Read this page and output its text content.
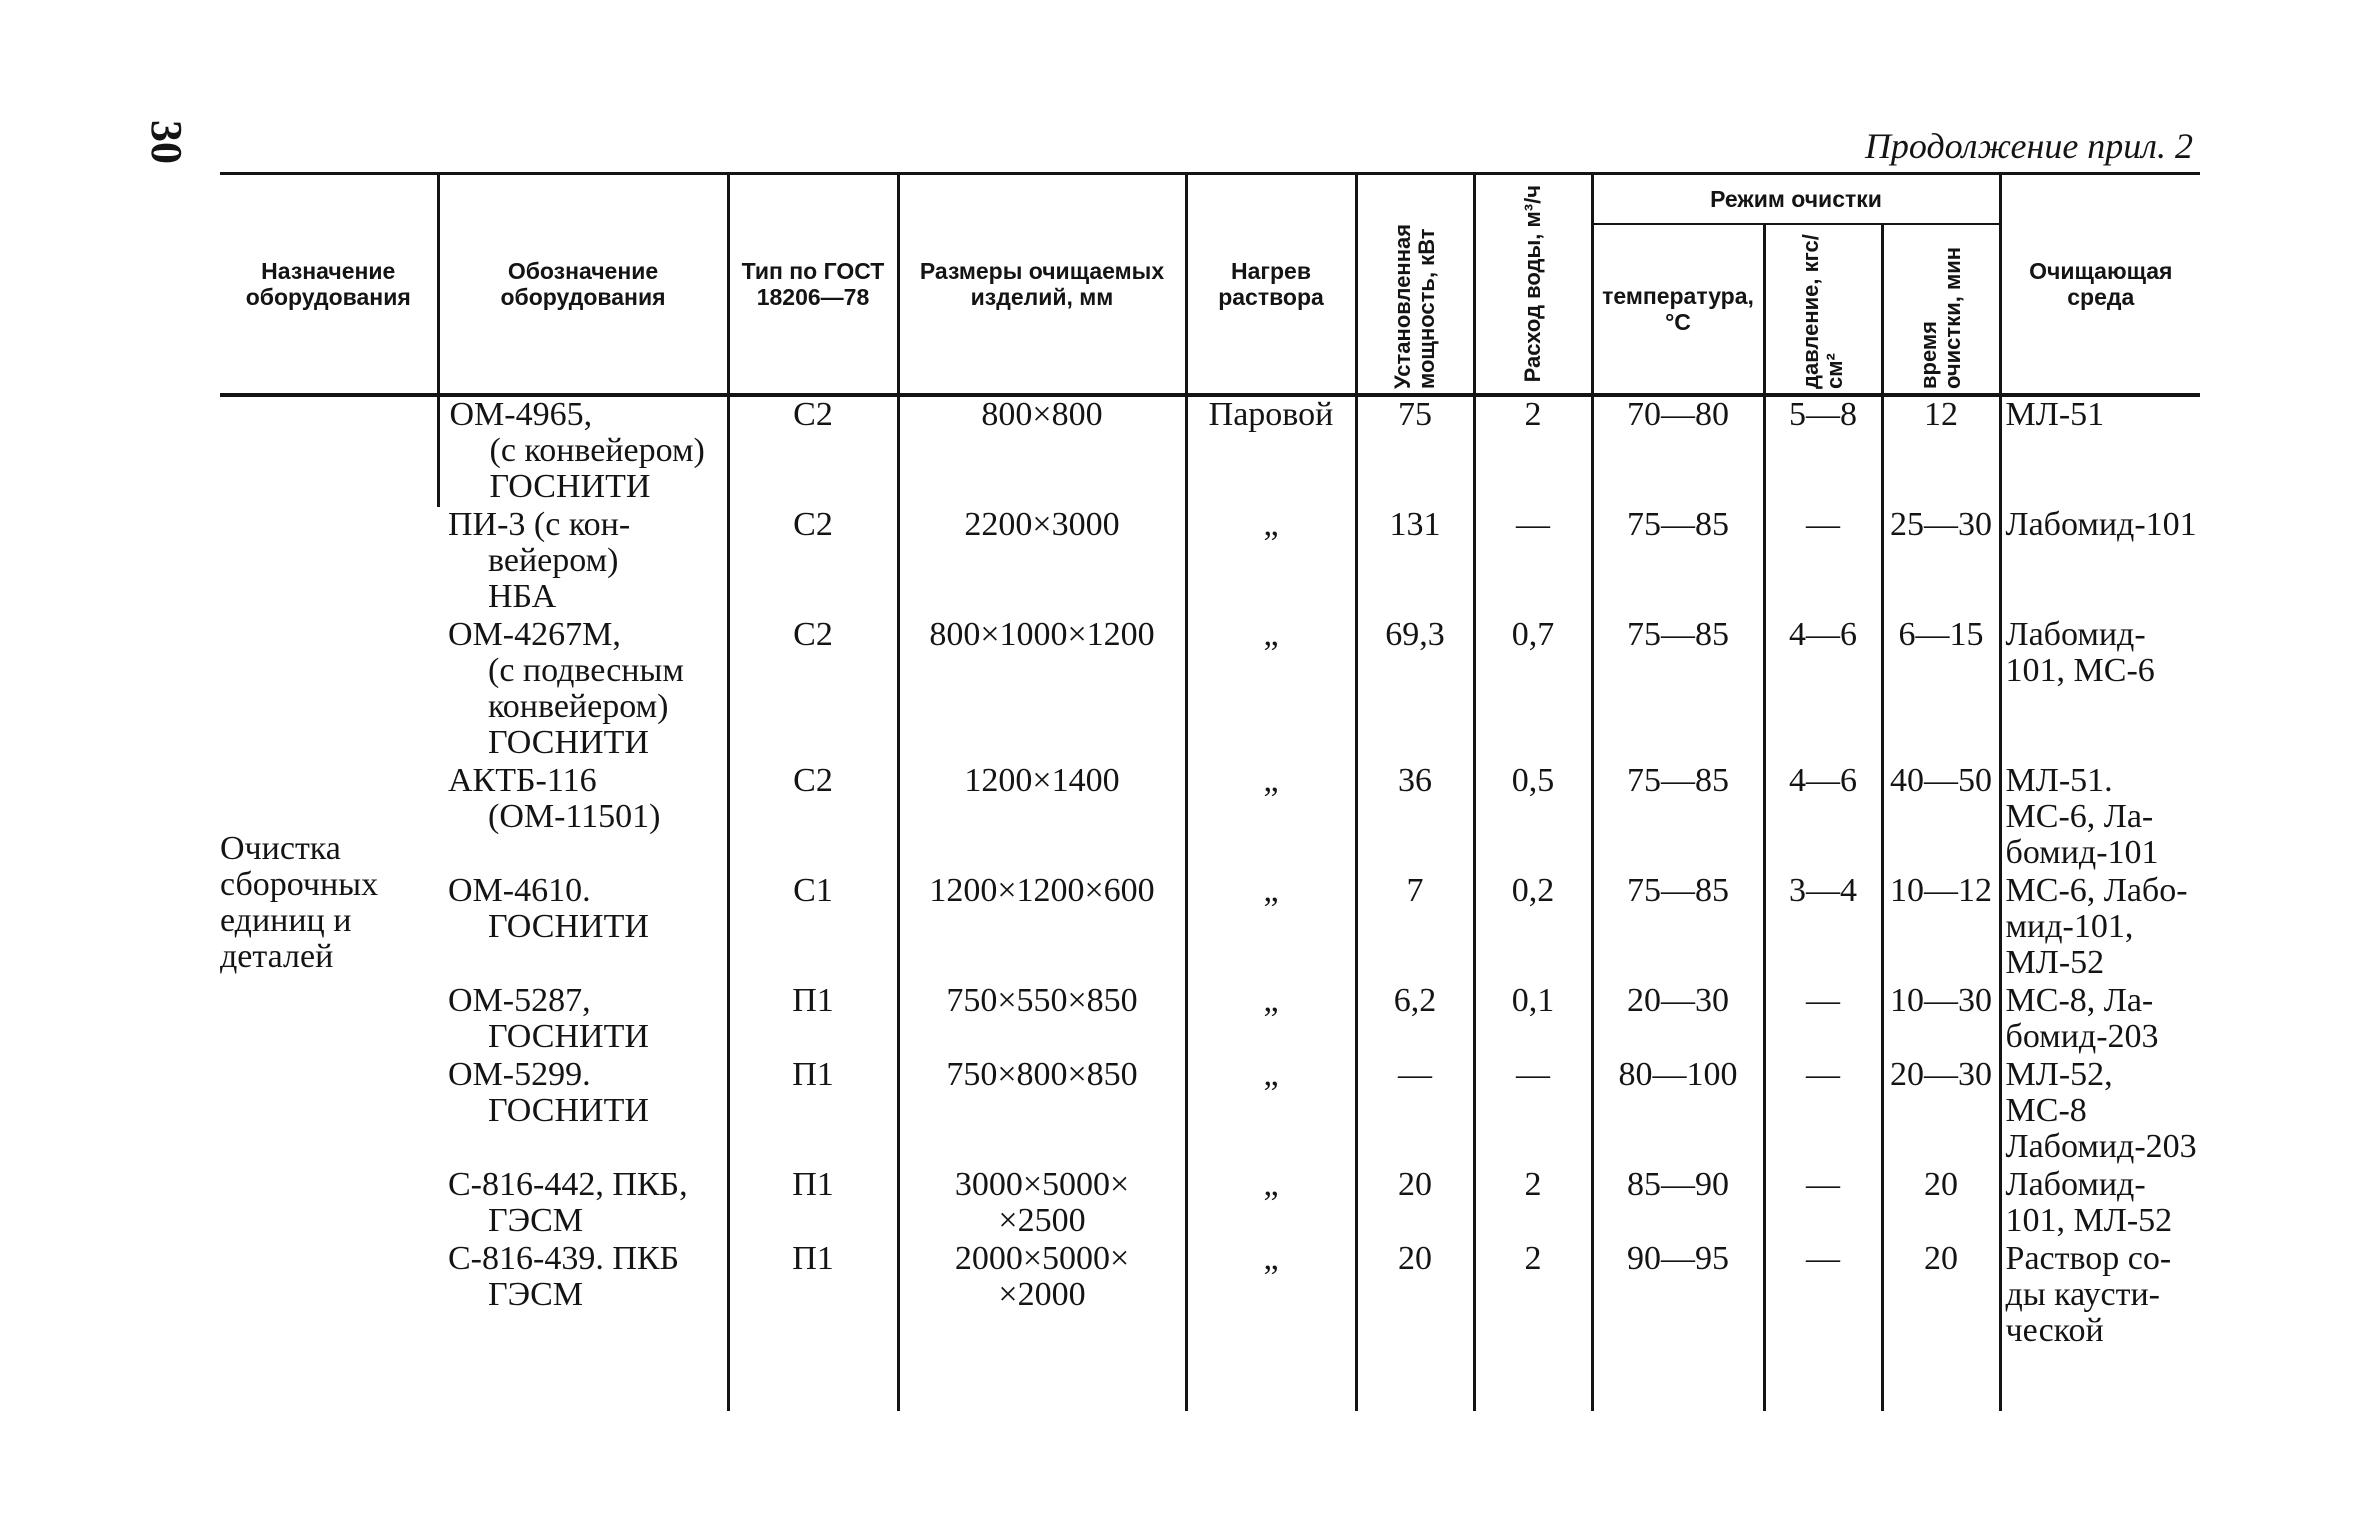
30	Продолжение прил. 2
Назначение оборудования	Обозначение оборудования	Тип по ГОСТ 18206—78	Размеры очищаемых изделий, мм	Нагрев раствора	Установленная мощность, кВт	Расход воды, м³/ч	Режим очистки			Очищающая среда
							температура, °С	давление, кгс/см²	время очистки, мин	

Очистка сборочных единиц и деталей	ОМ-4965,
(с конвейером)
ГОСНИТИ	С2	800×800	Паровой	75	2	70—80	5—8	12	МЛ-51

	ПИ-3 (с кон-
вейером)
НБА	С2	2200×3000	„	131	—	75—85	—	25—30	Лабомид-101

	ОМ-4267М,
(с подвесным
конвейером)
ГОСНИТИ	С2	800×1000×1200	„	69,3	0,7	75—85	4—6	6—15	Лабомид-
101, МС-6

	АКТБ-116
(ОМ-11501)	С2	1200×1400	„	36	0,5	75—85	4—6	40—50	МЛ-51.
МС-6, Ла-
бомид-101

	ОМ-4610.
ГОСНИТИ	С1	1200×1200×600	„	7	0,2	75—85	3—4	10—12	МС-6, Лабо-
мид-101,
МЛ-52

	ОМ-5287,
ГОСНИТИ	П1	750×550×850	„	6,2	0,1	20—30	—	10—30	МС-8, Ла-
бомид-203

	ОМ-5299.
ГОСНИТИ	П1	750×800×850	„	—	—	80—100	—	20—30	МЛ-52, МС-8
Лабомид-203

	С-816-442, ПКБ,
ГЭСМ	П1	3000×5000×
×2500	„	20	2	85—90	—	20	Лабомид-
101, МЛ-52

	С-816-439. ПКБ
ГЭСМ	П1	2000×5000×
×2000	„	20	2	90—95	—	20	Раствор со-
ды каусти-
ческой
